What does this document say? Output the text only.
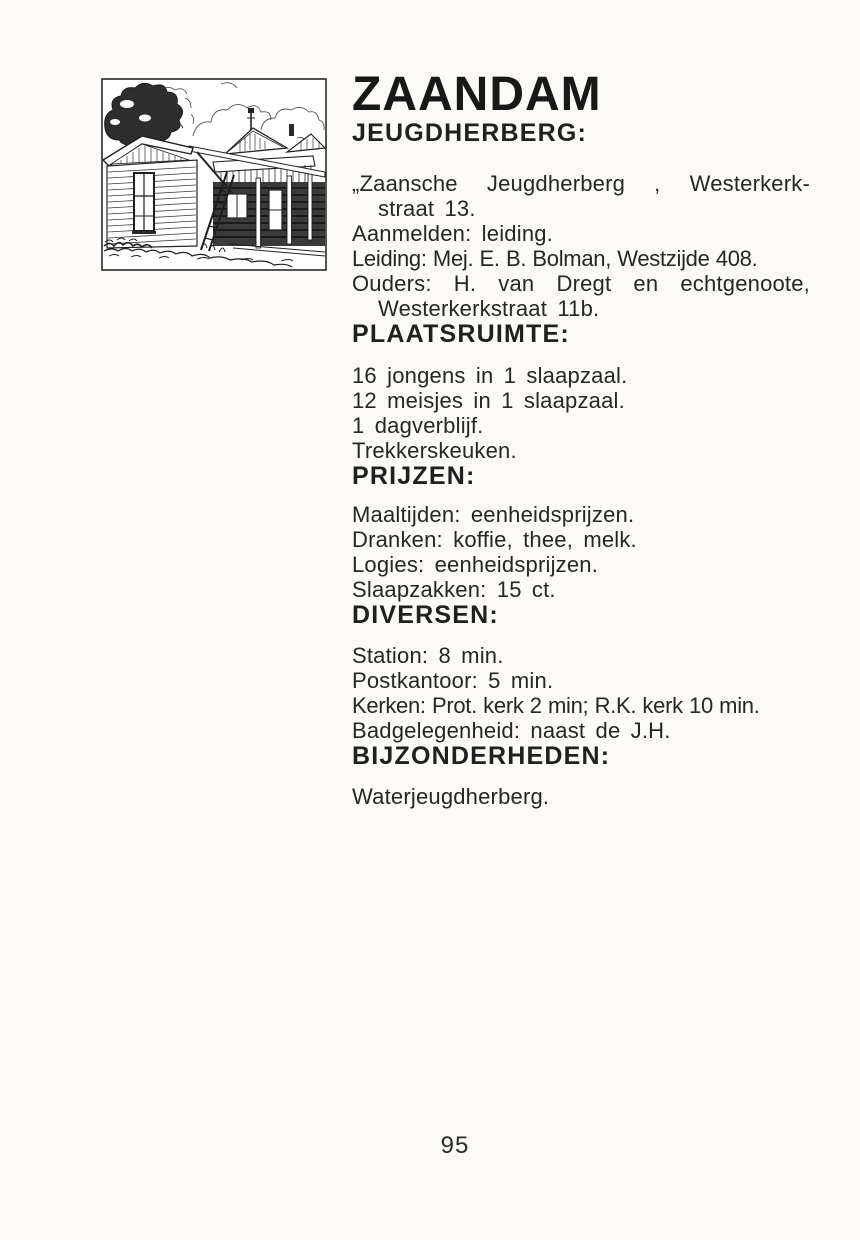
ZAANDAM
JEUGDHERBERG:

„Zaansche Jeugdherberg , Westerkerk-

straat 13.

Aanmelden: leiding.

Leiding: Mej. E. B. Bolman, Westzijde 408.

Ouders: H. van Dregt en echtgenoote,

Westerkerkstraat 11b.

PLAATSRUIMTE:

16 jongens in 1 slaapzaal.

12 meisjes in 1 slaapzaal.

1 dagverblijf.

Trekkerskeuken.

PRIJZEN:

Maaltijden: eenheidsprijzen.

Dranken: koffie, thee, melk.

Logies: eenheidsprijzen.

Slaapzakken: 15 ct.

DIVERSEN:

Station: 8 min.

Postkantoor: 5 min.

Kerken: Prot. kerk 2 min; R.K. kerk 10 min.

Badgelegenheid: naast de J.H.

BIJZONDERHEDEN:

Waterjeugdherberg.

95
